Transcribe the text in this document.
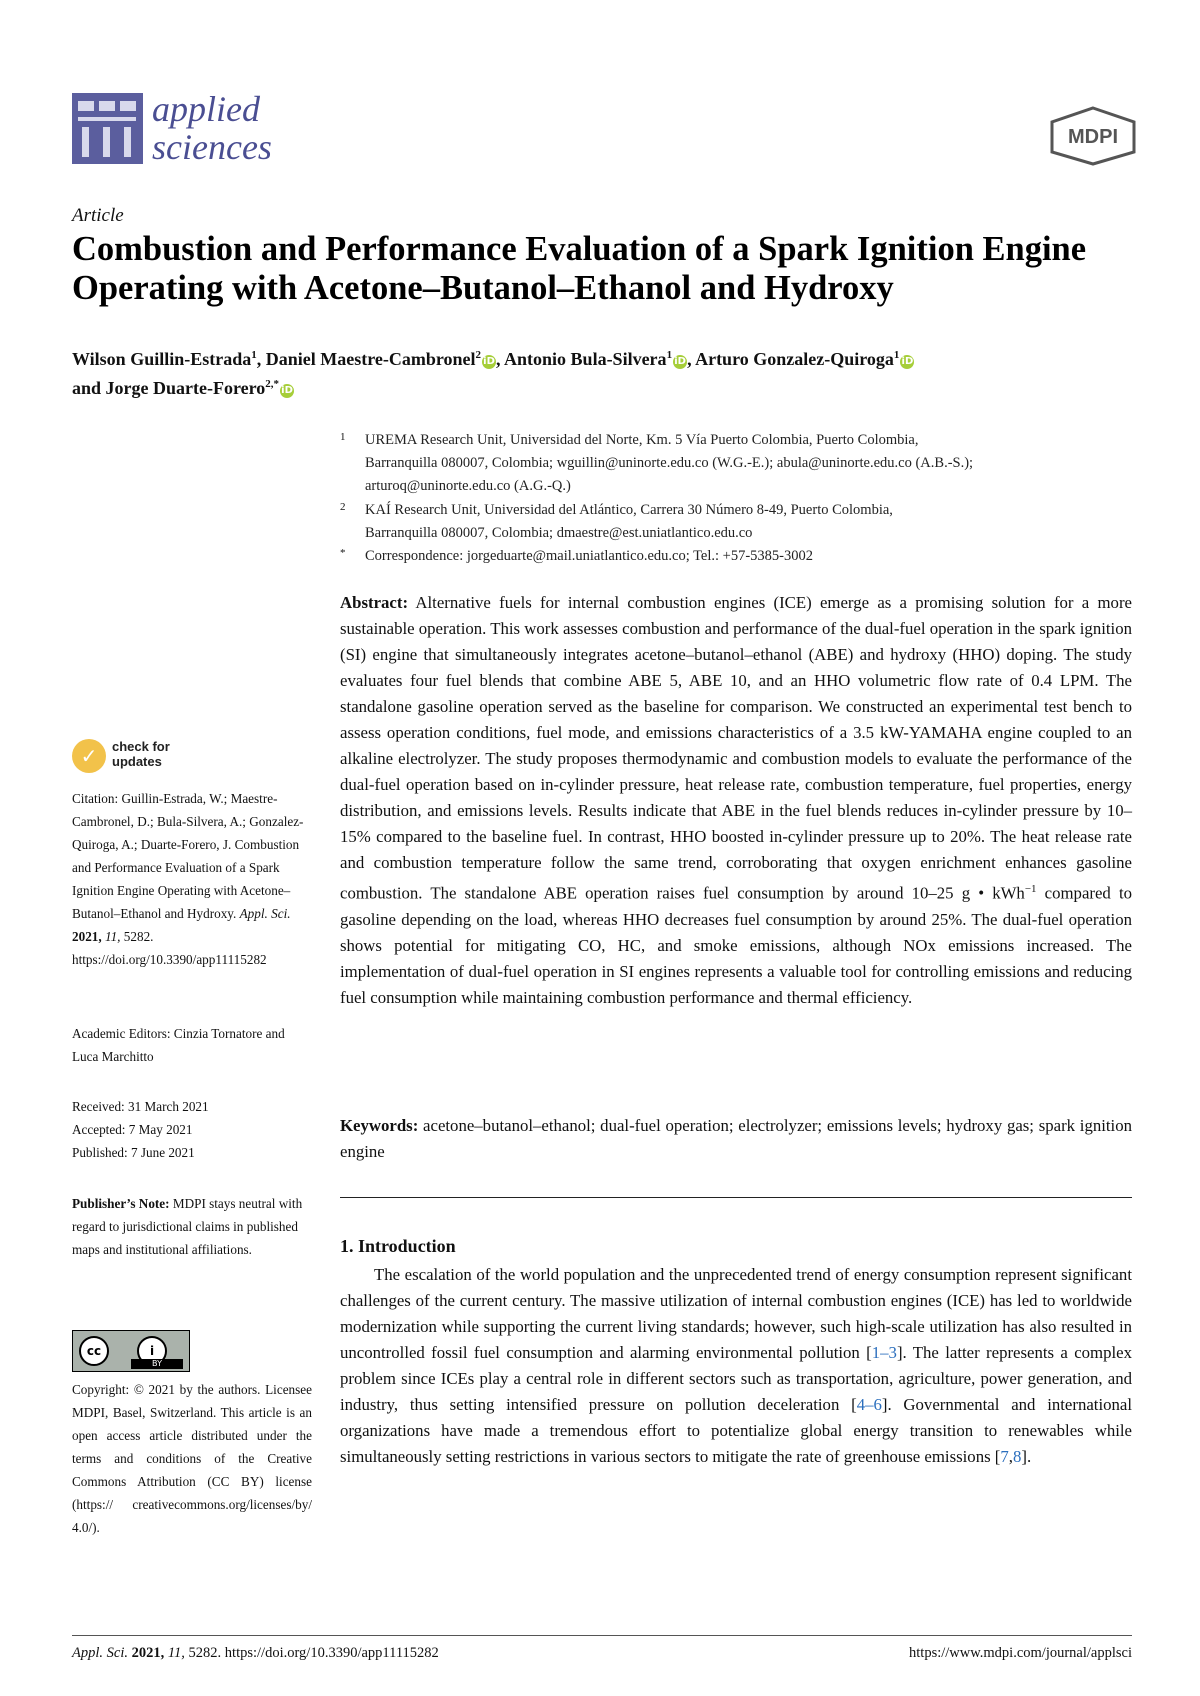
applied
sciences	MDPI
Article
Combustion and Performance Evaluation of a Spark Ignition Engine Operating with Acetone–Butanol–Ethanol and Hydroxy
Wilson Guillin-Estrada$^1$, Daniel Maestre-Cambronel$^2$iD, Antonio Bula-Silvera$^1$iD, Arturo Gonzalez-Quiroga$^1$iD
and Jorge Duarte-Forero$^{2,*}$iD
1 UREMA Research Unit, Universidad del Norte, Km. 5 Vía Puerto Colombia, Puerto Colombia,
Barranquilla 080007, Colombia; wguillin@uninorte.edu.co (W.G.-E.); abula@uninorte.edu.co (A.B.-S.);
arturoq@uninorte.edu.co (A.G.-Q.)
2 KAÍ Research Unit, Universidad del Atlántico, Carrera 30 Número 8-49, Puerto Colombia,
Barranquilla 080007, Colombia; dmaestre@est.uniatlantico.edu.co
* Correspondence: jorgeduarte@mail.uniatlantico.edu.co; Tel.: +57-5385-3002
Abstract: Alternative fuels for internal combustion engines (ICE) emerge as a promising solution for a more sustainable operation. This work assesses combustion and performance of the dual-fuel operation in the spark ignition (SI) engine that simultaneously integrates acetone–butanol–ethanol (ABE) and hydroxy (HHO) doping. The study evaluates four fuel blends that combine ABE 5, ABE 10, and an HHO volumetric flow rate of 0.4 LPM. The standalone gasoline operation served as the baseline for comparison. We constructed an experimental test bench to assess operation conditions, fuel mode, and emissions characteristics of a 3.5 kW-YAMAHA engine coupled to an alkaline electrolyzer. The study proposes thermodynamic and combustion models to evaluate the performance of the dual-fuel operation based on in-cylinder pressure, heat release rate, combustion temperature, fuel properties, energy distribution, and emissions levels. Results indicate that ABE in the fuel blends reduces in-cylinder pressure by 10–15% compared to the baseline fuel. In contrast, HHO boosted in-cylinder pressure up to 20%. The heat release rate and combustion temperature follow the same trend, corroborating that oxygen enrichment enhances gasoline combustion. The standalone ABE operation raises fuel consumption by around 10–25 g • kWh$^{-1}$ compared to gasoline depending on the load, whereas HHO decreases fuel consumption by around 25%. The dual-fuel operation shows potential for mitigating CO, HC, and smoke emissions, although NOx emissions increased. The implementation of dual-fuel operation in SI engines represents a valuable tool for controlling emissions and reducing fuel consumption while maintaining combustion performance and thermal efficiency.
Keywords: acetone–butanol–ethanol; dual-fuel operation; electrolyzer; emissions levels; hydroxy gas; spark ignition engine
✓	check for
updates
Citation: Guillin-Estrada, W.; Maestre-Cambronel, D.; Bula-Silvera, A.; Gonzalez-Quiroga, A.; Duarte-Forero, J. Combustion and Performance Evaluation of a Spark Ignition Engine Operating with Acetone–Butanol–Ethanol and Hydroxy. Appl. Sci. 2021, 11, 5282. https://doi.org/10.3390/app11115282
Academic Editors: Cinzia Tornatore and Luca Marchitto
Received: 31 March 2021
Accepted: 7 May 2021
Published: 7 June 2021
Publisher’s Note: MDPI stays neutral with regard to jurisdictional claims in published maps and institutional affiliations.
cc	i
BY
Copyright: © 2021 by the authors. Licensee MDPI, Basel, Switzerland. This article is an open access article distributed under the terms and conditions of the Creative Commons Attribution (CC BY) license (https:// creativecommons.org/licenses/by/ 4.0/).
1. Introduction
The escalation of the world population and the unprecedented trend of energy consumption represent significant challenges of the current century. The massive utilization of internal combustion engines (ICE) has led to worldwide modernization while supporting the current living standards; however, such high-scale utilization has also resulted in uncontrolled fossil fuel consumption and alarming environmental pollution [1–3]. The latter represents a complex problem since ICEs play a central role in different sectors such as transportation, agriculture, power generation, and industry, thus setting intensified pressure on pollution deceleration [4–6]. Governmental and international organizations have made a tremendous effort to potentialize global energy transition to renewables while simultaneously setting restrictions in various sectors to mitigate the rate of greenhouse emissions [7,8].
Appl. Sci. 2021, 11, 5282. https://doi.org/10.3390/app11115282	https://www.mdpi.com/journal/applsci
